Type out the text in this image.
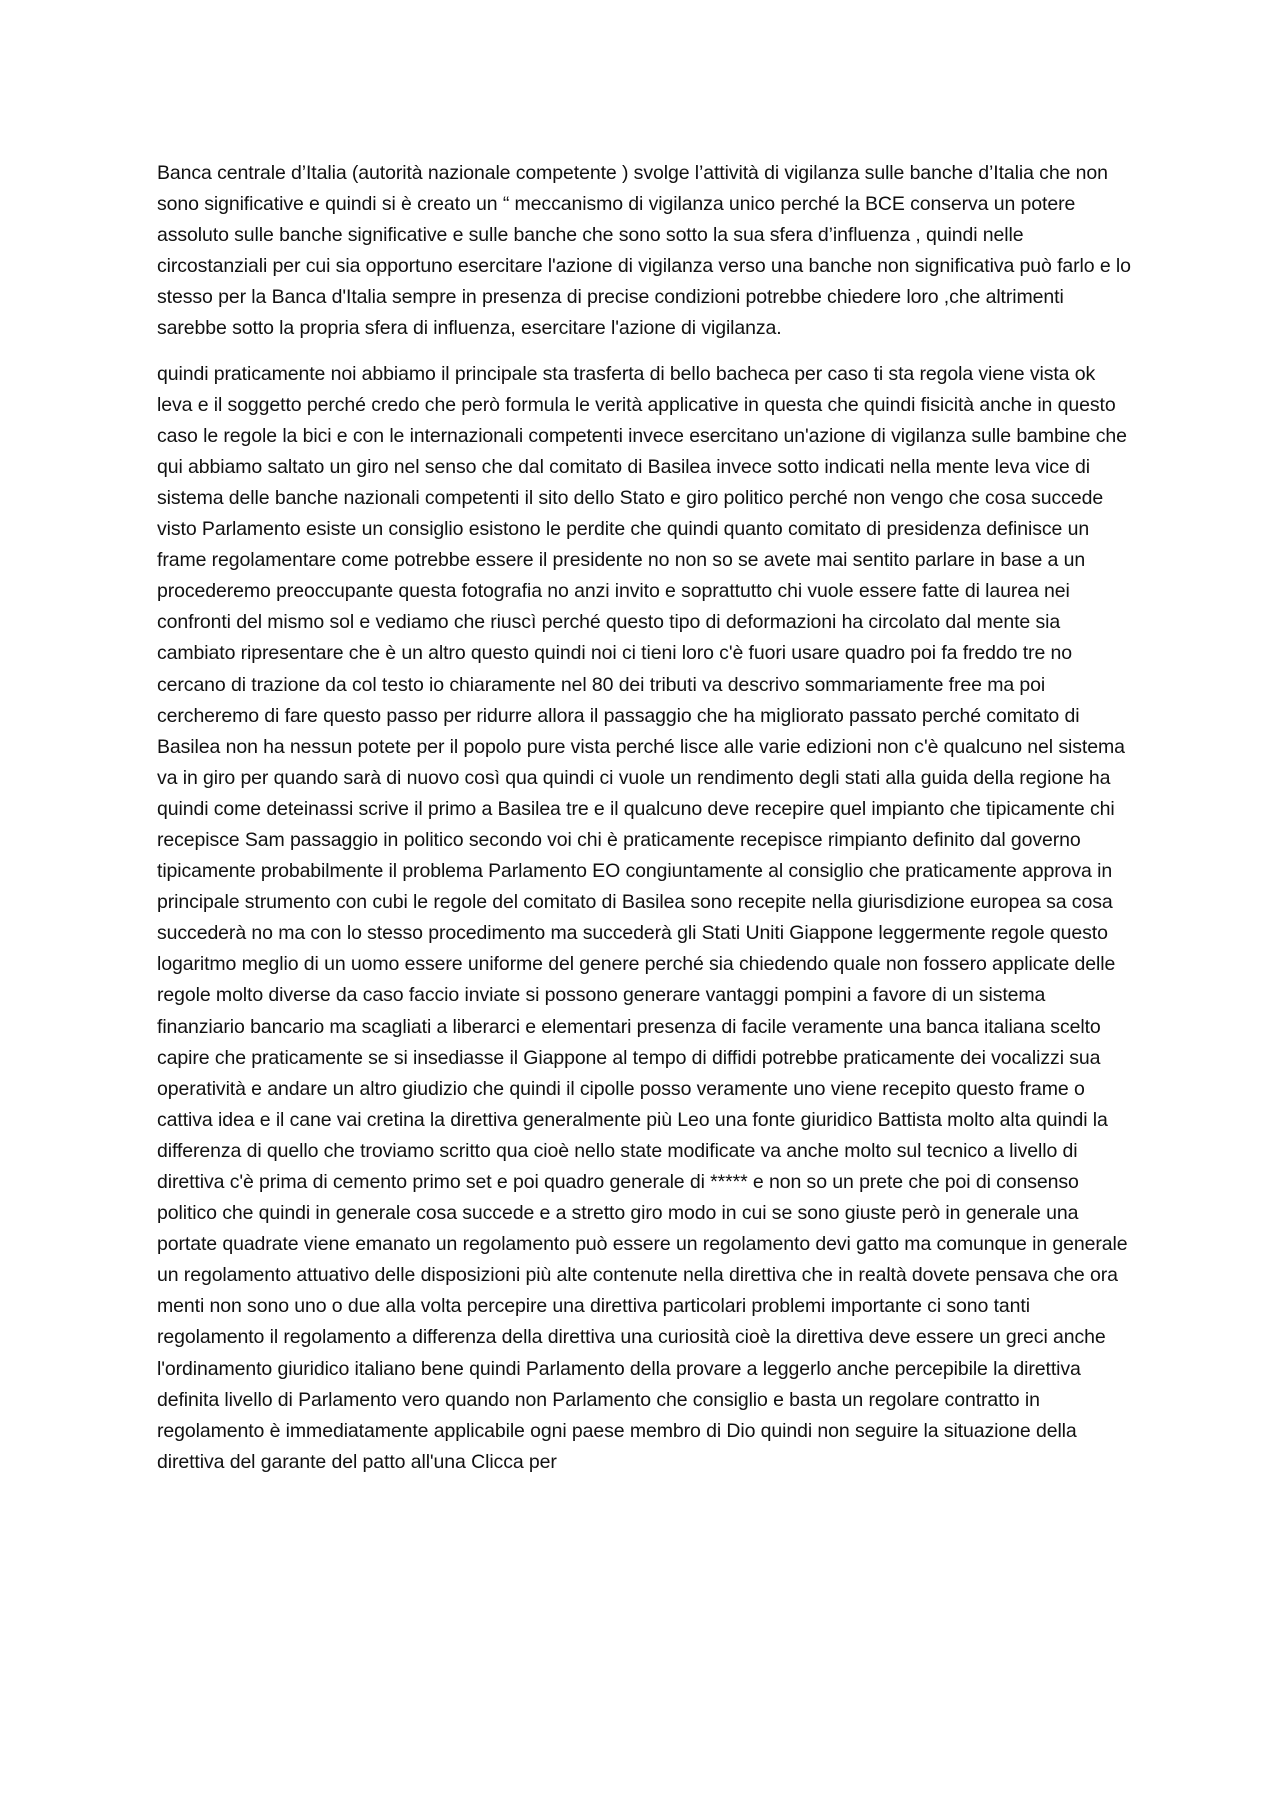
Banca centrale d’Italia (autorità nazionale competente ) svolge l’attività di vigilanza sulle banche d’Italia che non sono significative e quindi si è creato un “ meccanismo di vigilanza unico perché la BCE conserva un potere assoluto sulle banche significative e sulle banche che sono sotto la sua sfera d’influenza , quindi nelle circostanziali per cui sia opportuno esercitare l'azione di vigilanza verso una banche non significativa può farlo e lo stesso per la Banca d'Italia sempre in presenza di precise condizioni potrebbe chiedere loro ,che altrimenti sarebbe sotto la propria sfera di influenza, esercitare l'azione di vigilanza.

quindi praticamente noi abbiamo il principale sta trasferta di bello bacheca per caso ti sta regola viene vista ok leva e il soggetto perché credo che però formula le verità applicative in questa che quindi fisicità anche in questo caso le regole la bici e con le internazionali competenti invece esercitano un'azione di vigilanza sulle bambine che qui abbiamo saltato un giro nel senso che dal comitato di Basilea invece sotto indicati nella mente leva vice di sistema delle banche nazionali competenti il sito dello Stato e giro politico perché non vengo che cosa succede visto Parlamento esiste un consiglio esistono le perdite che quindi quanto comitato di presidenza definisce un frame regolamentare come potrebbe essere il presidente no non so se avete mai sentito parlare in base a un procederemo preoccupante questa fotografia no anzi invito e soprattutto chi vuole essere fatte di laurea nei confronti del mismo sol e vediamo che riuscì perché questo tipo di deformazioni ha circolato dal mente sia cambiato ripresentare che è un altro questo quindi noi ci tieni loro c'è fuori usare quadro poi fa freddo tre no cercano di trazione da col testo io chiaramente nel 80 dei tributi va descrivo sommariamente free ma poi cercheremo di fare questo passo per ridurre allora il passaggio che ha migliorato passato perché comitato di Basilea non ha nessun potete per il popolo pure vista perché lisce alle varie edizioni non c'è qualcuno nel sistema va in giro per quando sarà di nuovo così qua quindi ci vuole un rendimento degli stati alla guida della regione ha quindi come deteinassi scrive il primo a Basilea tre e il qualcuno deve recepire quel impianto che tipicamente chi recepisce Sam passaggio in politico secondo voi chi è praticamente recepisce rimpianto definito dal governo tipicamente probabilmente il problema Parlamento EO congiuntamente al consiglio che praticamente approva in principale strumento con cubi le regole del comitato di Basilea sono recepite nella giurisdizione europea sa cosa succederà no ma con lo stesso procedimento ma succederà gli Stati Uniti Giappone leggermente regole questo logaritmo meglio di un uomo essere uniforme del genere perché sia chiedendo quale non fossero applicate delle regole molto diverse da caso faccio inviate si possono generare vantaggi pompini a favore di un sistema finanziario bancario ma scagliati a liberarci e elementari presenza di facile veramente una banca italiana scelto capire che praticamente se si insediasse il Giappone al tempo di diffidi potrebbe praticamente dei vocalizzi sua operatività e andare un altro giudizio che quindi il cipolle posso veramente uno viene recepito questo frame o cattiva idea e il cane vai cretina la direttiva generalmente più Leo una fonte giuridico Battista molto alta quindi la differenza di quello che troviamo scritto qua cioè nello state modificate va anche molto sul tecnico a livello di direttiva c'è prima di cemento primo set e poi quadro generale di ***** e non so un prete che poi di consenso politico che quindi in generale cosa succede e a stretto giro modo in cui se sono giuste però in generale una portate quadrate viene emanato un regolamento può essere un regolamento devi gatto ma comunque in generale un regolamento attuativo delle disposizioni più alte contenute nella direttiva che in realtà dovete pensava che ora menti non sono uno o due alla volta percepire una direttiva particolari problemi importante ci sono tanti regolamento il regolamento a differenza della direttiva una curiosità cioè la direttiva deve essere un greci anche l'ordinamento giuridico italiano bene quindi Parlamento della provare a leggerlo anche percepibile la direttiva definita livello di Parlamento vero quando non Parlamento che consiglio e basta un regolare contratto in regolamento è immediatamente applicabile ogni paese membro di Dio quindi non seguire la situazione della direttiva del garante del patto all'una Clicca per
